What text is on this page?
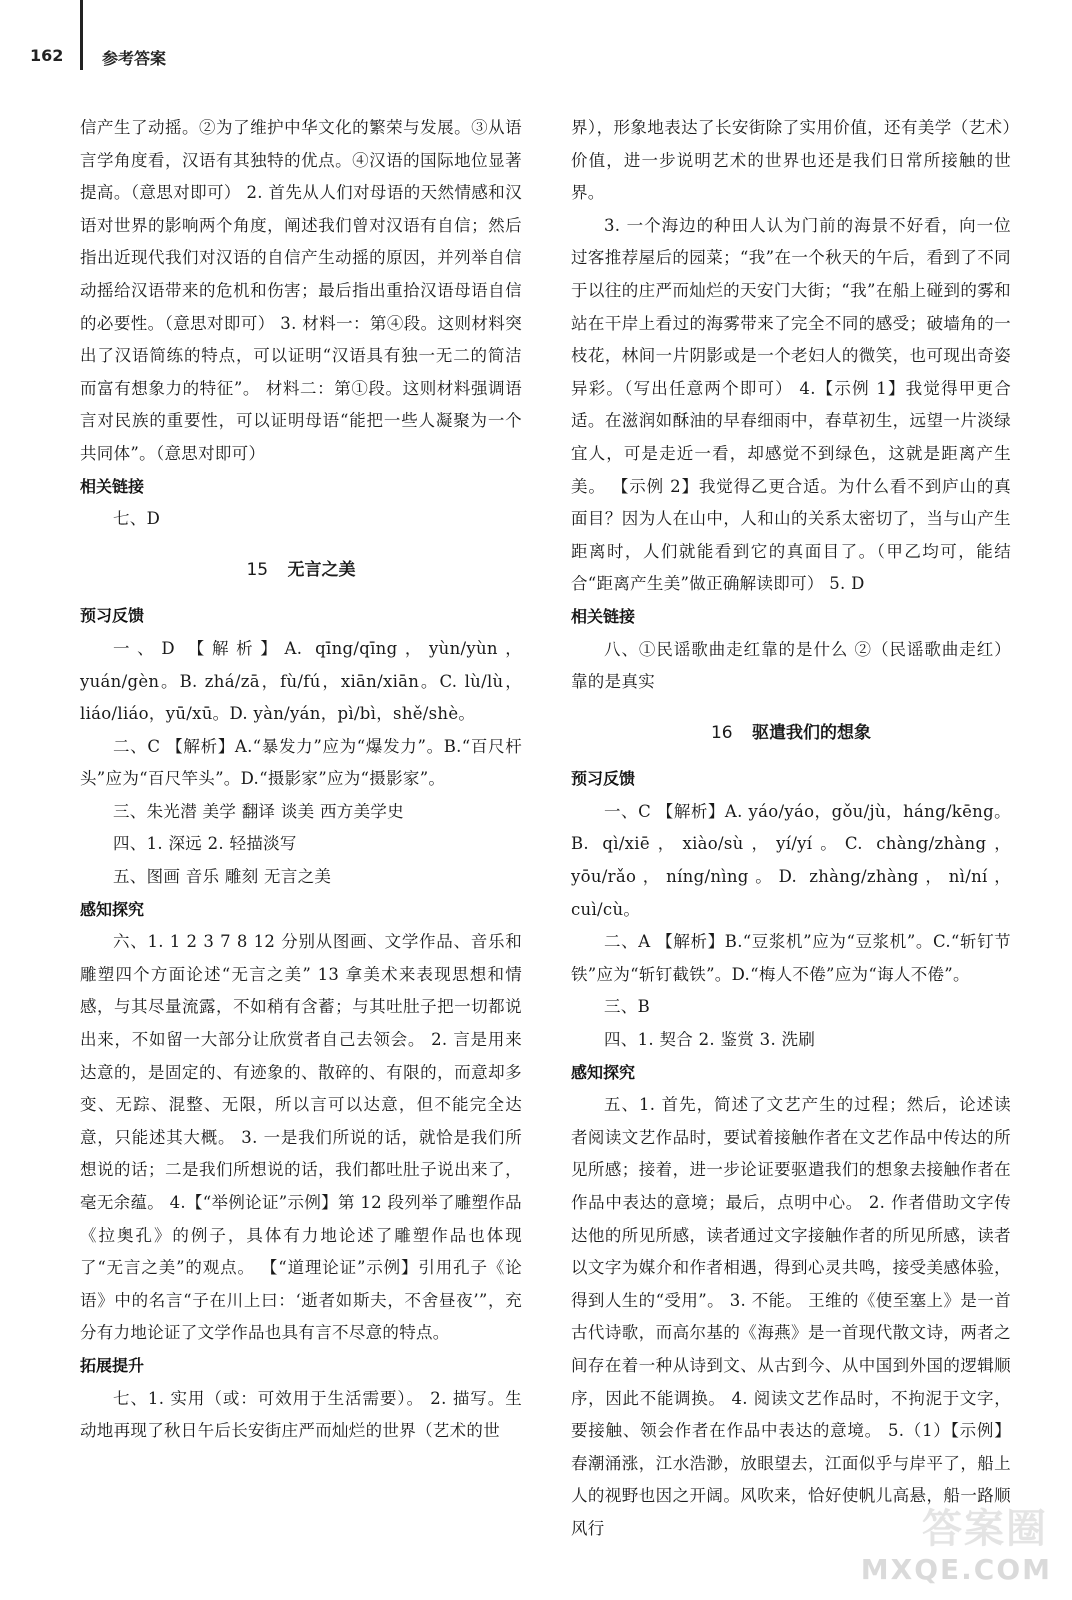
162 参考答案

信产生了动摇。②为了维护中华文化的繁荣与发展。③从语言学角度看，汉语有其独特的优点。④汉语的国际地位显著提高。（意思对即可） 2. 首先从人们对母语的天然情感和汉语对世界的影响两个角度，阐述我们曾对汉语有自信；然后指出近现代我们对汉语的自信产生动摇的原因，并列举自信动摇给汉语带来的危机和伤害；最后指出重拾汉语母语自信的必要性。（意思对即可） 3. 材料一：第④段。这则材料突出了汉语简练的特点，可以证明“汉语具有独一无二的简洁而富有想象力的特征”。 材料二：第①段。这则材料强调语言对民族的重要性，可以证明母语“能把一些人凝聚为一个共同体”。（意思对即可）

相关链接

七、D

15 无言之美

预习反馈

一、D 【解析】A. qīng/qīng，yùn/yùn，yuán/gèn。B. zhá/zā，fù/fú，xiān/xiān。C. lù/lù，liáo/liáo，yū/xū。D. yàn/yán，pì/bì，shě/shè。

二、C 【解析】A.“暴发力”应为“爆发力”。B.“百尺杆头”应为“百尺竿头”。D.“摄影家”应为“摄影家”。

三、朱光潜 美学 翻译 谈美 西方美学史

四、1. 深远 2. 轻描淡写

五、图画 音乐 雕刻 无言之美

感知探究

六、1. 1 2 3 7 8 12 分别从图画、文学作品、音乐和雕塑四个方面论述“无言之美” 13 拿美术来表现思想和情感，与其尽量流露，不如稍有含蓄；与其吐肚子把一切都说出来，不如留一大部分让欣赏者自己去领会。 2. 言是用来达意的，是固定的、有迹象的、散碎的、有限的，而意却多变、无踪、混整、无限，所以言可以达意，但不能完全达意，只能述其大概。 3. 一是我们所说的话，就恰是我们所想说的话；二是我们所想说的话，我们都吐肚子说出来了，毫无余蕴。 4.【“举例论证”示例】第 12 段列举了雕塑作品《拉奥孔》的例子，具体有力地论述了雕塑作品也体现了“无言之美”的观点。 【“道理论证”示例】引用孔子《论语》中的名言“子在川上曰：‘逝者如斯夫，不舍昼夜’”，充分有力地论证了文学作品也具有言不尽意的特点。

拓展提升

七、1. 实用（或：可效用于生活需要）。 2. 描写。生动地再现了秋日午后长安街庄严而灿烂的世界（艺术的世

界），形象地表达了长安街除了实用价值，还有美学（艺术）价值，进一步说明艺术的世界也还是我们日常所接触的世界。

3. 一个海边的种田人认为门前的海景不好看，向一位过客推荐屋后的园菜；“我”在一个秋天的午后，看到了不同于以往的庄严而灿烂的天安门大街；“我”在船上碰到的雾和站在干岸上看过的海雾带来了完全不同的感受；破墙角的一枝花，林间一片阴影或是一个老妇人的微笑，也可现出奇姿异彩。（写出任意两个即可） 4.【示例 1】我觉得甲更合适。在滋润如酥油的早春细雨中，春草初生，远望一片淡绿宜人，可是走近一看，却感觉不到绿色，这就是距离产生美。 【示例 2】我觉得乙更合适。为什么看不到庐山的真面目？因为人在山中，人和山的关系太密切了，当与山产生距离时，人们就能看到它的真面目了。（甲乙均可，能结合“距离产生美”做正确解读即可） 5. D

相关链接

八、①民谣歌曲走红靠的是什么 ②（民谣歌曲走红）靠的是真实

16 驱遣我们的想象

预习反馈

一、C 【解析】A. yáo/yáo，gǒu/jù，háng/kēng。B. qì/xiē，xiào/sù，yí/yí。C. chàng/zhàng，yōu/rǎo，níng/nìng。D. zhàng/zhàng，nì/ní，cuì/cù。

二、A 【解析】B.“豆浆机”应为“豆浆机”。C.“斩钉节铁”应为“斩钉截铁”。D.“梅人不倦”应为“诲人不倦”。

三、B

四、1. 契合 2. 鉴赏 3. 洗刷

感知探究

五、1. 首先，简述了文艺产生的过程；然后，论述读者阅读文艺作品时，要试着接触作者在文艺作品中传达的所见所感；接着，进一步论证要驱遣我们的想象去接触作者在作品中表达的意境；最后，点明中心。 2. 作者借助文字传达他的所见所感，读者通过文字接触作者的所见所感，读者以文字为媒介和作者相遇，得到心灵共鸣，接受美感体验，得到人生的“受用”。 3. 不能。 王维的《使至塞上》是一首古代诗歌，而高尔基的《海燕》是一首现代散文诗，两者之间存在着一种从诗到文、从古到今、从中国到外国的逻辑顺序，因此不能调换。 4. 阅读文艺作品时，不拘泥于文字，要接触、领会作者在作品中表达的意境。 5.（1）【示例】春潮涌涨，江水浩渺，放眼望去，江面似乎与岸平了，船上人的视野也因之开阔。风吹来，恰好使帆儿高悬，船一路顺风行	答案圈
MXQE.COM
